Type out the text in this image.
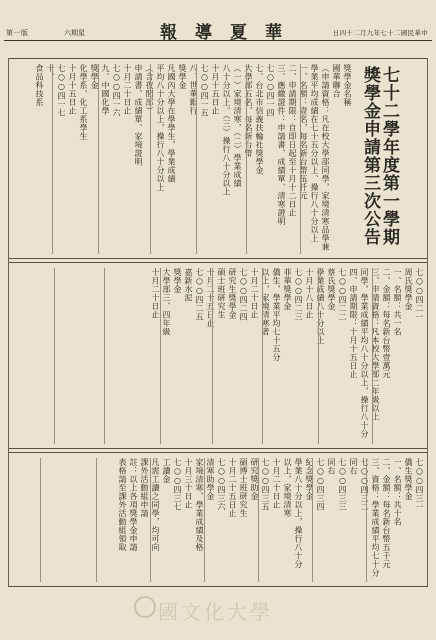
第一版	六期星	報導夏華	日四十二月九年七十二國民華中
七十二學年度第一學期
獎學金申請第三次公告
獎學金名稱
國華聯合
（申請資格：凡在校大學部同學，家境清寒品學兼
學業平均成績在七十五分以上、操行八十分以上
一、名額：壹名，每名新台幣伍仟元
二、申請期限：自即日起至十月十二日止
三、應繳證件：申請書、成績單、清寒證明
七○○四一四
七、台北市信義扶輪社獎學金
大學部五名，每名新台幣
（一）家境清寒，（二）學業成績
八十分以上。（三）操行八十分以上
十月十五日止
七○○四一五
八、世華銀行
獎學金
凡國內大學在學學生，學業成績
平均八十分以上，操行八十分以上
（含夜間部）
申請書、成績單、家境證明
十月二十日止
七○○四一六
九、中國化學
獎學金
化學系、化工系學生
十月十五日止
七○○四一七
十、
食品科技系
七○○四二一
周氏獎學金
一、名額：共一名
二、金額：每名新台幣壹萬元
三、申請資格：凡本校大學部二年級以上
同學，學業成績平均八十分以上，操行八十分
四、申請期限：十月十五日止
七○○四二二
蔡氏獎學金
學業成績八十分以上
十月十八日止
七○○四二三
菲華獎學金
僑生，學業平均七十五分
以上，家境清寒者
十月二十日止
七○○四二四
研究生獎學金
碩士班研究生
十月二十五日止
七○○四二五
嘉新水泥
獎學金
大學部三、四年級
十月二十日止
七○○四三一
僑生獎學金
一、名額：共十名
二、金額：每名新台幣五千元
三、資格：學業成績平均七十分
七○○四三二
同右
七○○四三三
同右
七○○四三四
紀念獎學金
學業八十分以上，操行八十分
以上，家境清寒
十月二十日止
七○○四三五
研究獎助金
碩博士班研究生
十月二十五日止
七○○四三六
清寒助學金
家境清寒，學業成績及格
十月三十日止
七○○四三七
工讀金
凡需工讀之同學，均可向
課外活動組申請
註：以上各項獎學金申請
表格請至課外活動組領取
國文化大學
